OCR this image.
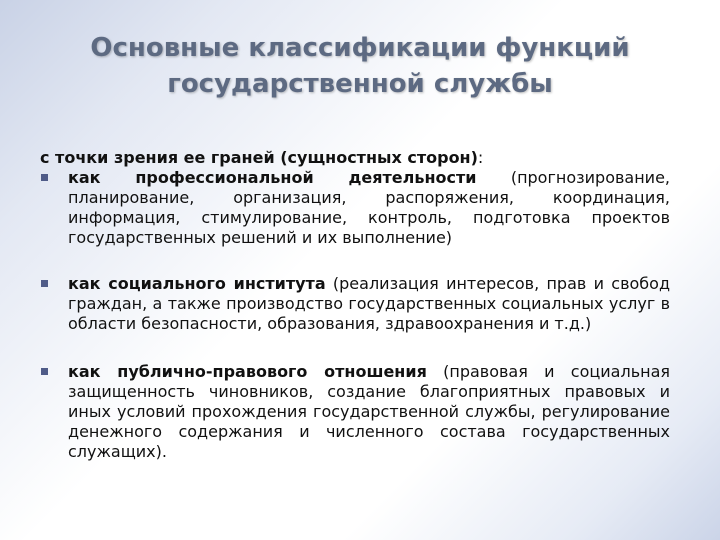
Основные классификации функций
государственной службы
с точки зрения ее граней (сущностных сторон):
как профессиональной деятельности (прогнозирование, планирование, организация, распоряжения, координация, информация, стимулирование, контроль, подготовка проектов государственных решений и их выполнение)
как социального института (реализация интересов, прав и свобод граждан, а также производство государственных социальных услуг в области безопасности, образования, здравоохранения и т.д.)
как публично-правового отношения (правовая и социальная защищенность чиновников, создание благоприятных правовых и иных условий прохождения государственной службы, регулирование денежного содержания и численного состава государственных служащих).
